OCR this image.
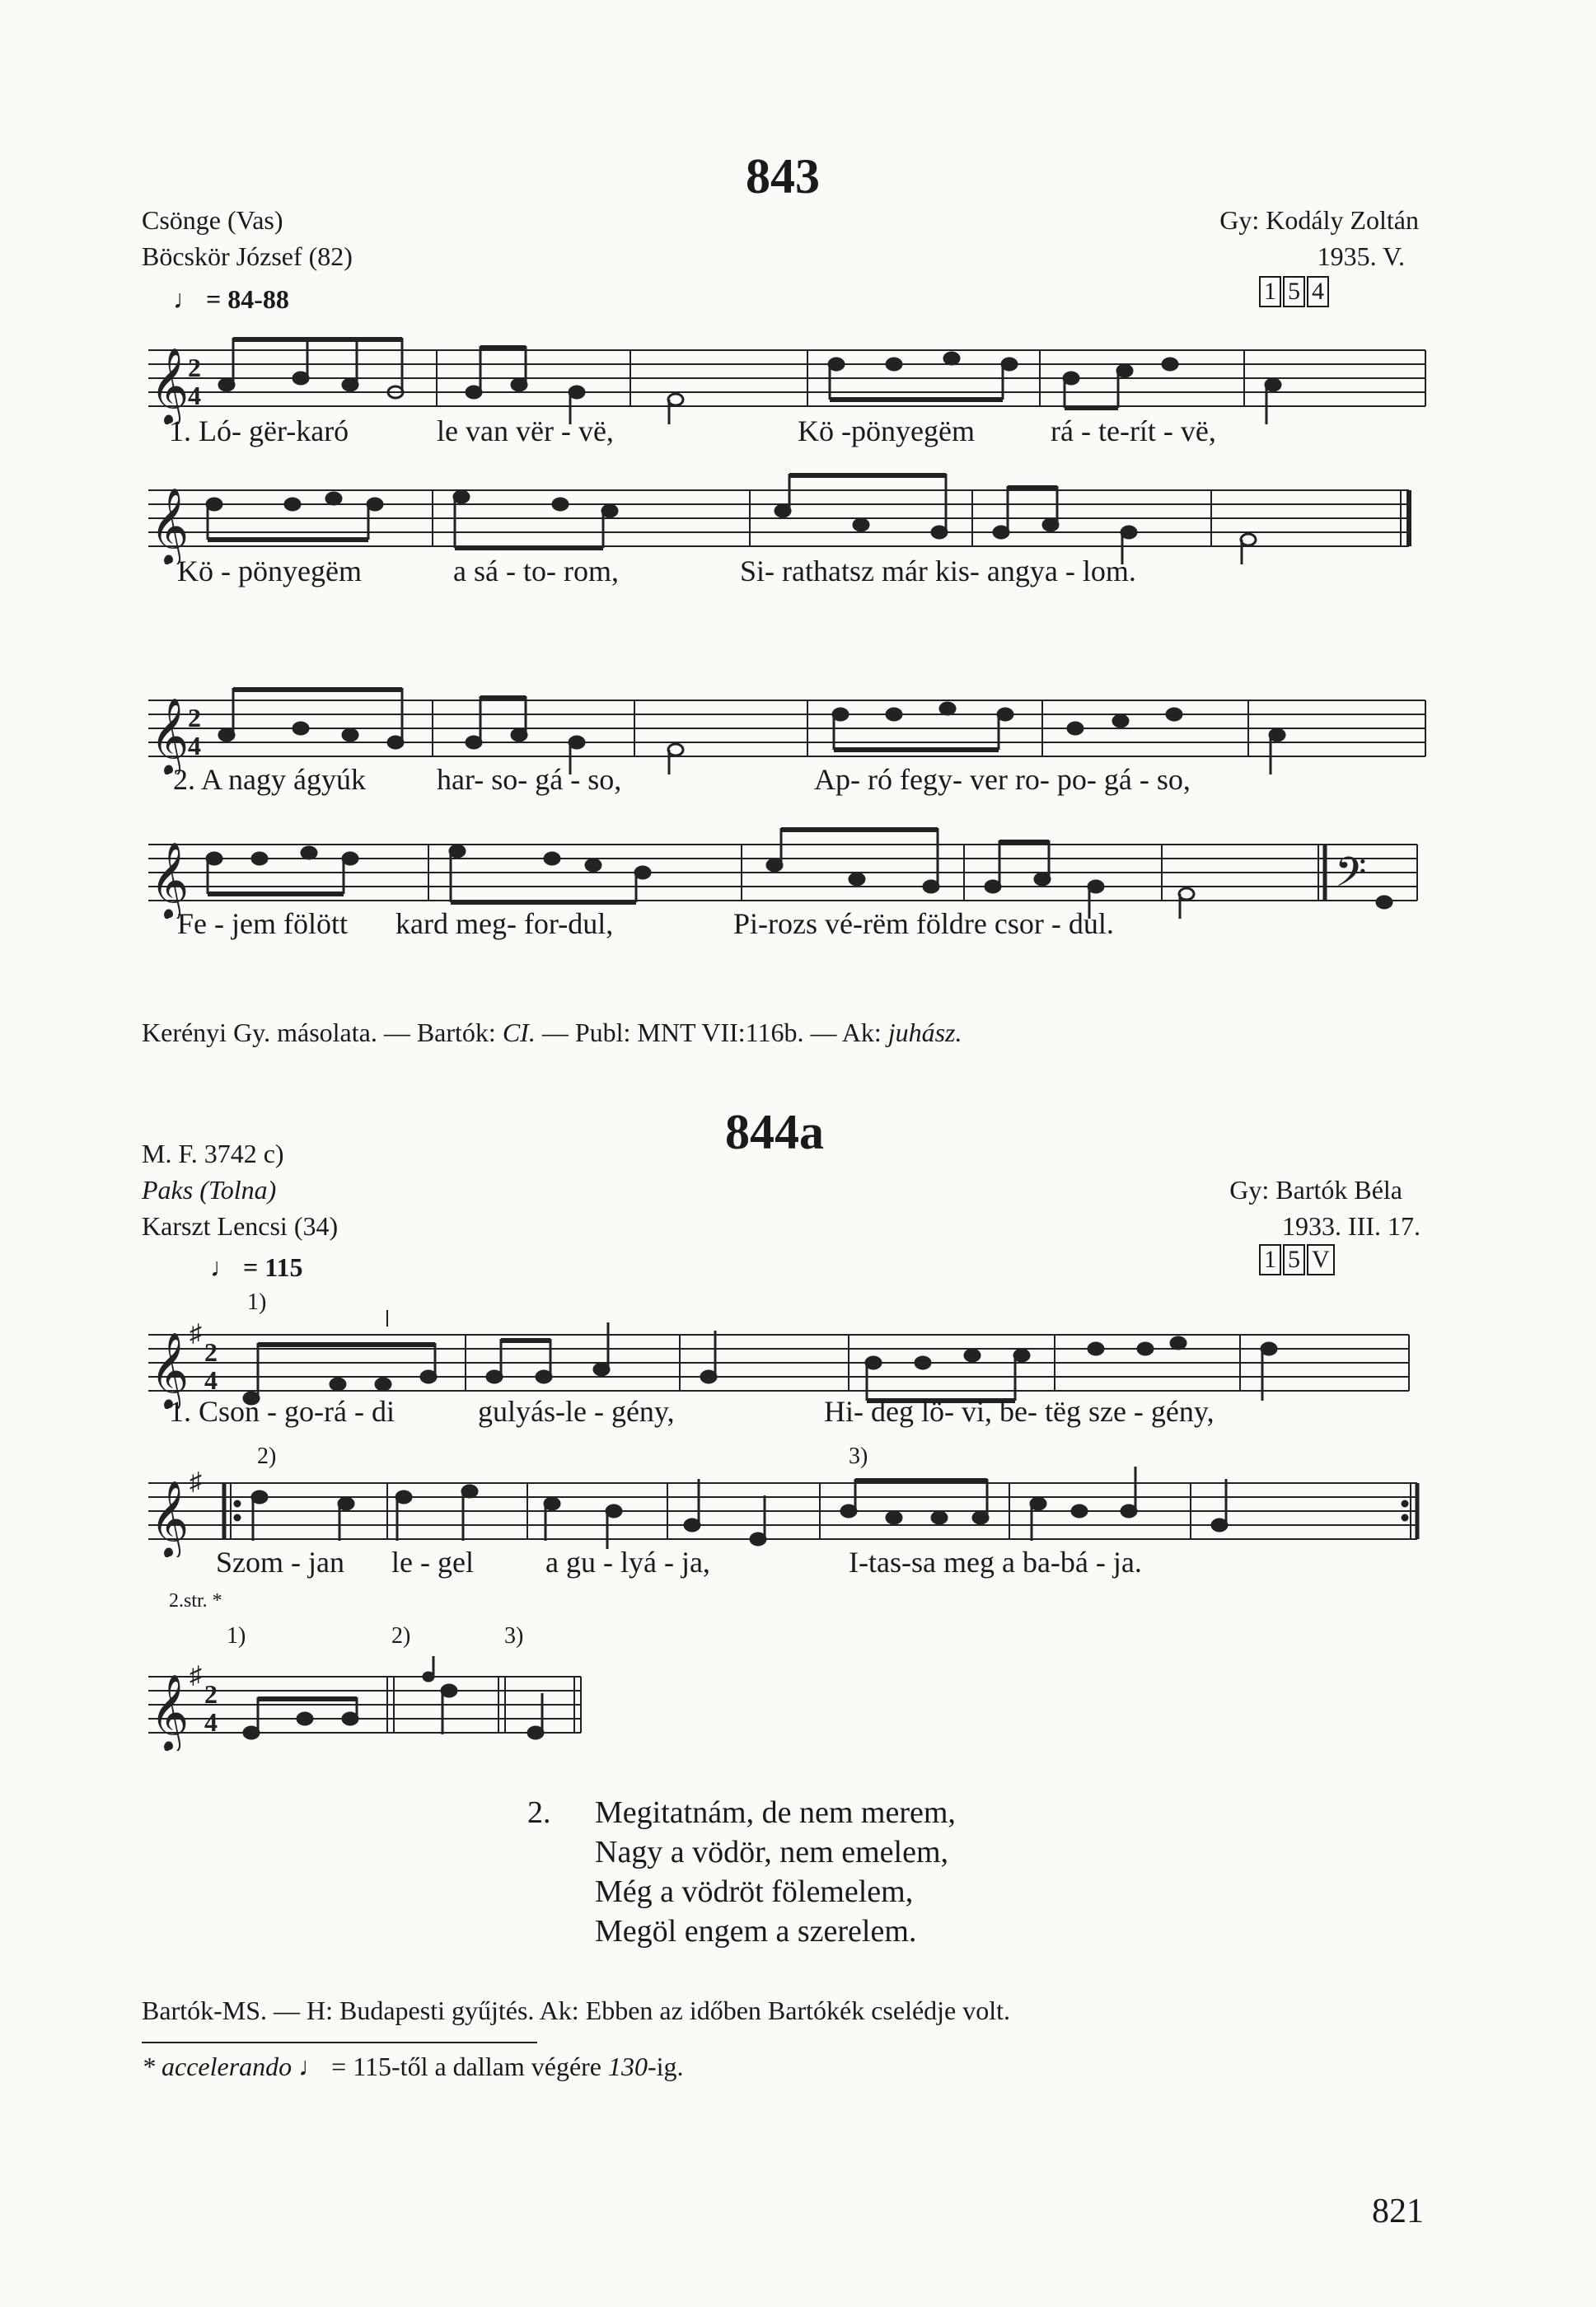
843
Csönge (Vas)
Böcskör József (82)
Gy: Kodály Zoltán
1935. V.
1 5 4
♩ = 84-88
𝄞
2
4
1. Ló- gër-karó	le van vër - vë,	Kö -pönyegëm	rá - te-rít - vë,
𝄞
Kö - pönyegëm	a sá - to- rom,	Si- rathatsz már kis- angya - lom.
𝄞
2
4
2. A nagy ágyúk har- so- gá - so,	Ap- ró fegy- ver ro- po- gá - so,
𝄞	𝄢
Fe - jem fölött kard meg- for-dul,	Pi-rozs vé-rëm földre csor - dul.
Kerényi Gy. másolata. — Bartók: CI. — Publ: MNT VII:116b. — Ak: juhász.
844a
M. F. 3742 c)
Paks (Tolna)
Karszt Lencsi (34)
Gy: Bartók Béla
1933. III. 17.
1 5 V
♩ = 115
1)
𝄞 ♯
2
4
1. Cson - go-rá - di	gulyás-le - gény,	Hi- deg lö- vi, be- tëg sze - gény,
2)	3)
𝄞 ♯
Szom - jan le - gel a gu - lyá - ja,	I-tas-sa meg a ba-bá - ja.
2.str. *
1)	2)	3)
𝄞 ♯
2
4
2. Megitatnám, de nem merem,
Nagy a vödör, nem emelem,
Még a vödröt fölemelem,
Megöl engem a szerelem.
Bartók-MS. — H: Budapesti gyűjtés. Ak: Ebben az időben Bartókék cselédje volt.
* accelerando ♩ = 115-től a dallam végére 130-ig.
821
